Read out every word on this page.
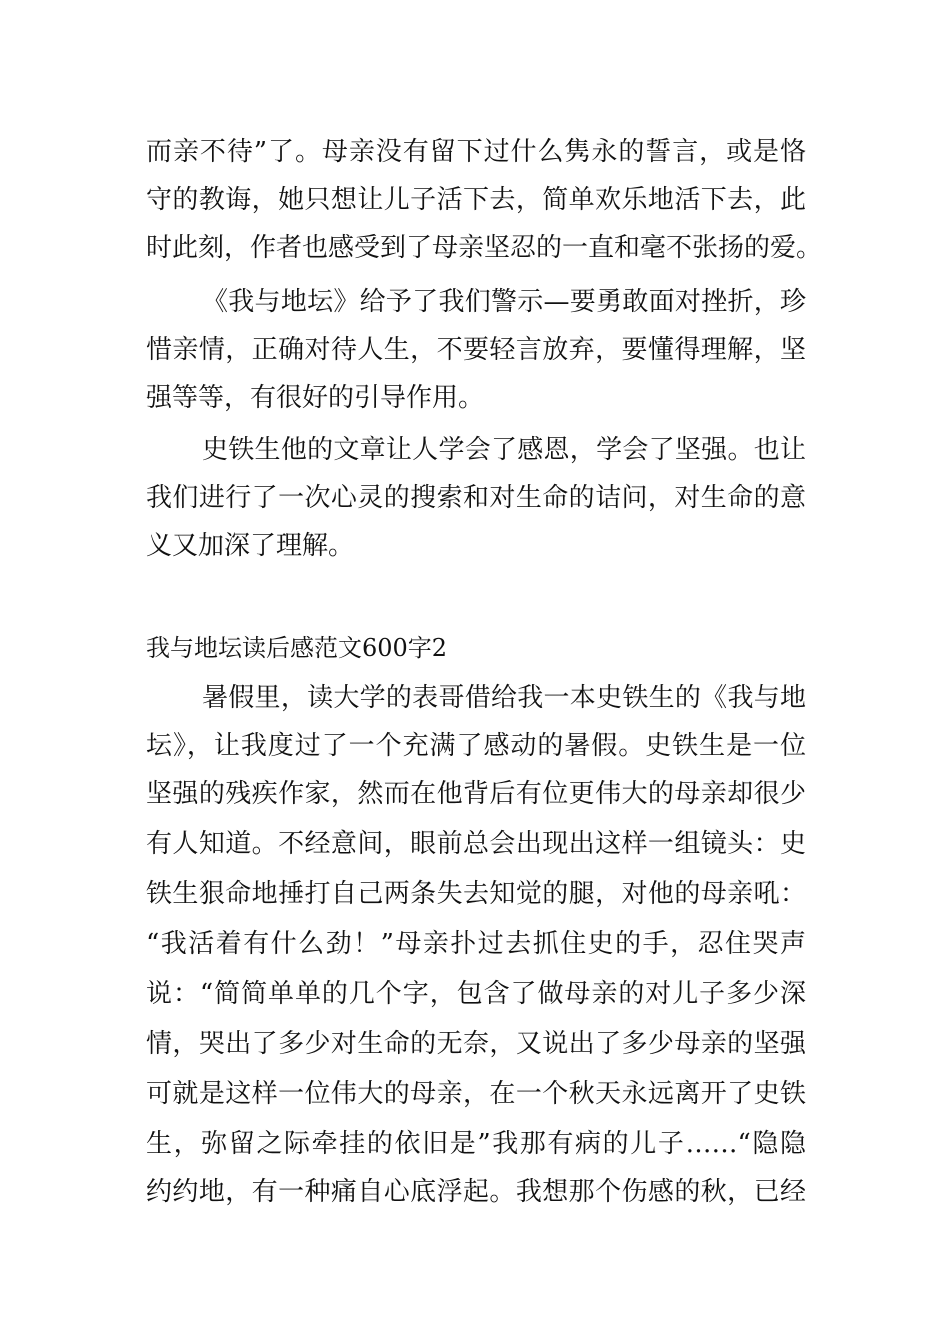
而亲不待”了。母亲没有留下过什么隽永的誓言，或是恪
守的教诲，她只想让儿子活下去，简单欢乐地活下去，此
时此刻，作者也感受到了母亲坚忍的一直和毫不张扬的爱。
《我与地坛》给予了我们警示—要勇敢面对挫折，珍
惜亲情，正确对待人生，不要轻言放弃，要懂得理解，坚
强等等，有很好的引导作用。
史铁生他的文章让人学会了感恩，学会了坚强。也让
我们进行了一次心灵的搜索和对生命的诘问，对生命的意
义又加深了理解。
我与地坛读后感范文600字2
暑假里，读大学的表哥借给我一本史铁生的《我与地
坛》，让我度过了一个充满了感动的暑假。史铁生是一位
坚强的残疾作家，然而在他背后有位更伟大的母亲却很少
有人知道。不经意间，眼前总会出现出这样一组镜头：史
铁生狠命地捶打自己两条失去知觉的腿，对他的母亲吼：
“我活着有什么劲！”母亲扑过去抓住史的手，忍住哭声
说：“简简单单的几个字，包含了做母亲的对儿子多少深
情，哭出了多少对生命的无奈，又说出了多少母亲的坚强
可就是这样一位伟大的母亲，在一个秋天永远离开了史铁
生，弥留之际牵挂的依旧是”我那有病的儿子……“隐隐
约约地，有一种痛自心底浮起。我想那个伤感的秋，已经
